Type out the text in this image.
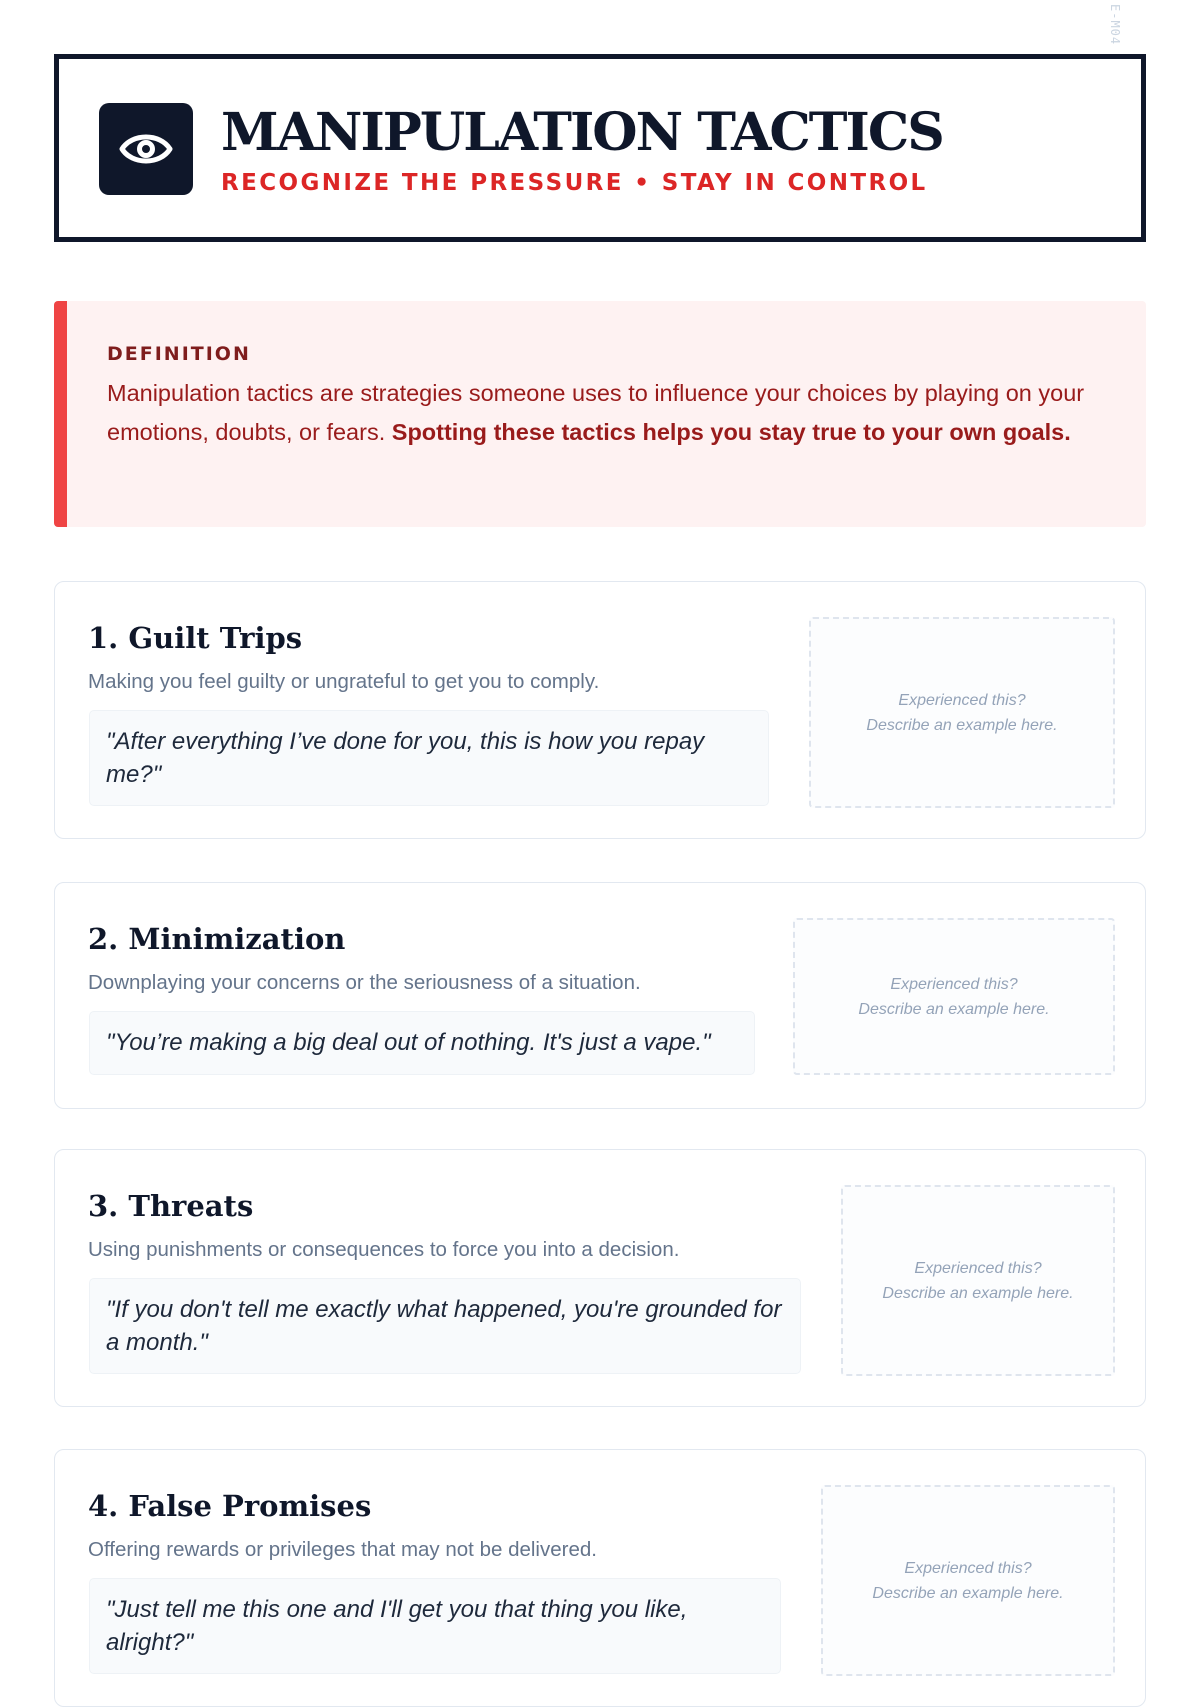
E-M04
MANIPULATION TACTICS
RECOGNIZE THE PRESSURE • STAY IN CONTROL
DEFINITION
Manipulation tactics are strategies someone uses to influence your choices by playing on your emotions, doubts, or fears. Spotting these tactics helps you stay true to your own goals.
1. Guilt Trips
Making you feel guilty or ungrateful to get you to comply.
"After everything I’ve done for you, this is how you repay me?"
Experienced this?
Describe an example here.
2. Minimization
Downplaying your concerns or the seriousness of a situation.
"You’re making a big deal out of nothing. It's just a vape."
Experienced this?
Describe an example here.
3. Threats
Using punishments or consequences to force you into a decision.
"If you don't tell me exactly what happened, you're grounded for a month."
Experienced this?
Describe an example here.
4. False Promises
Offering rewards or privileges that may not be delivered.
"Just tell me this one and I'll get you that thing you like, alright?"
Experienced this?
Describe an example here.
